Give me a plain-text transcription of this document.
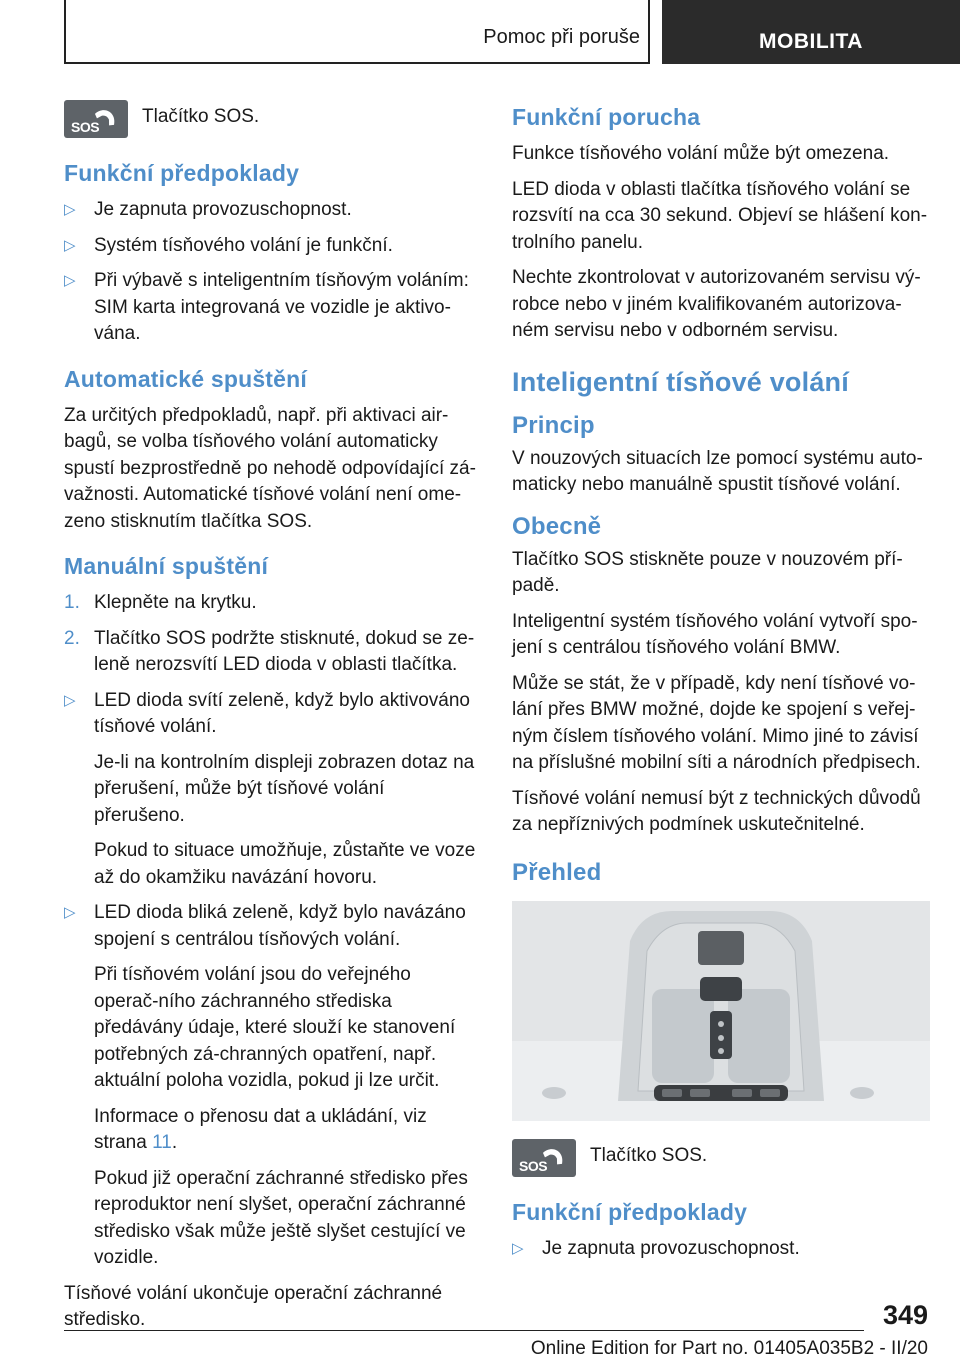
Pomoc při poruše	MOBILITA
SOS Tlačítko SOS.
Funkční předpoklady
▷ Je zapnuta provozuschopnost.
▷ Systém tísňového volání je funkční.
▷ Při výbavě s inteligentním tísňovým voláním: SIM karta integrovaná ve vozidle je aktivo‐vána.
Automatické spuštění
Za určitých předpokladů, např. při aktivaci air‐bagů, se volba tísňového volání automaticky spustí bezprostředně po nehodě odpovídající zá‐važnosti. Automatické tísňové volání není ome‐zeno stisknutím tlačítka SOS.
Manuální spuštění
1. Klepněte na krytku.
2. Tlačítko SOS podržte stisknuté, dokud se ze‐leně nerozsvítí LED dioda v oblasti tlačítka.
▷ LED dioda svítí zeleně, když bylo aktivováno tísňové volání.
Je-li na kontrolním displeji zobrazen dotaz na přerušení, může být tísňové volání přerušeno.
Pokud to situace umožňuje, zůstaňte ve voze až do okamžiku navázání hovoru.
▷ LED dioda bliká zeleně, když bylo navázáno spojení s centrálou tísňových volání.
Při tísňovém volání jsou do veřejného operač‐ního záchranného střediska předávány údaje, které slouží ke stanovení potřebných zá‐chranných opatření, např. aktuální poloha vozidla, pokud ji lze určit.
Informace o přenosu dat a ukládání, viz strana 11.
Pokud již operační záchranné středisko přes reproduktor není slyšet, operační záchranné středisko však může ještě slyšet cestující ve vozidle.
Tísňové volání ukončuje operační záchranné středisko.
Funkční porucha
Funkce tísňového volání může být omezena.
LED dioda v oblasti tlačítka tísňového volání se rozsvítí na cca 30 sekund. Objeví se hlášení kon‐trolního panelu.
Nechte zkontrolovat v autorizovaném servisu vý‐robce nebo v jiném kvalifikovaném autorizova‐ném servisu nebo v odborném servisu.
Inteligentní tísňové volání
Princip
V nouzových situacích lze pomocí systému auto‐maticky nebo manuálně spustit tísňové volání.
Obecně
Tlačítko SOS stiskněte pouze v nouzovém pří‐padě.
Inteligentní systém tísňového volání vytvoří spo‐jení s centrálou tísňového volání BMW.
Může se stát, že v případě, kdy není tísňové vo‐lání přes BMW možné, dojde ke spojení s veřej‐ným číslem tísňového volání. Mimo jiné to závisí na příslušné mobilní síti a národních předpisech.
Tísňové volání nemusí být z technických důvodů za nepříznivých podmínek uskutečnitelné.
Přehled
SOS Tlačítko SOS.
Funkční předpoklady
▷ Je zapnuta provozuschopnost.
349
Online Edition for Part no. 01405A035B2 - II/20
